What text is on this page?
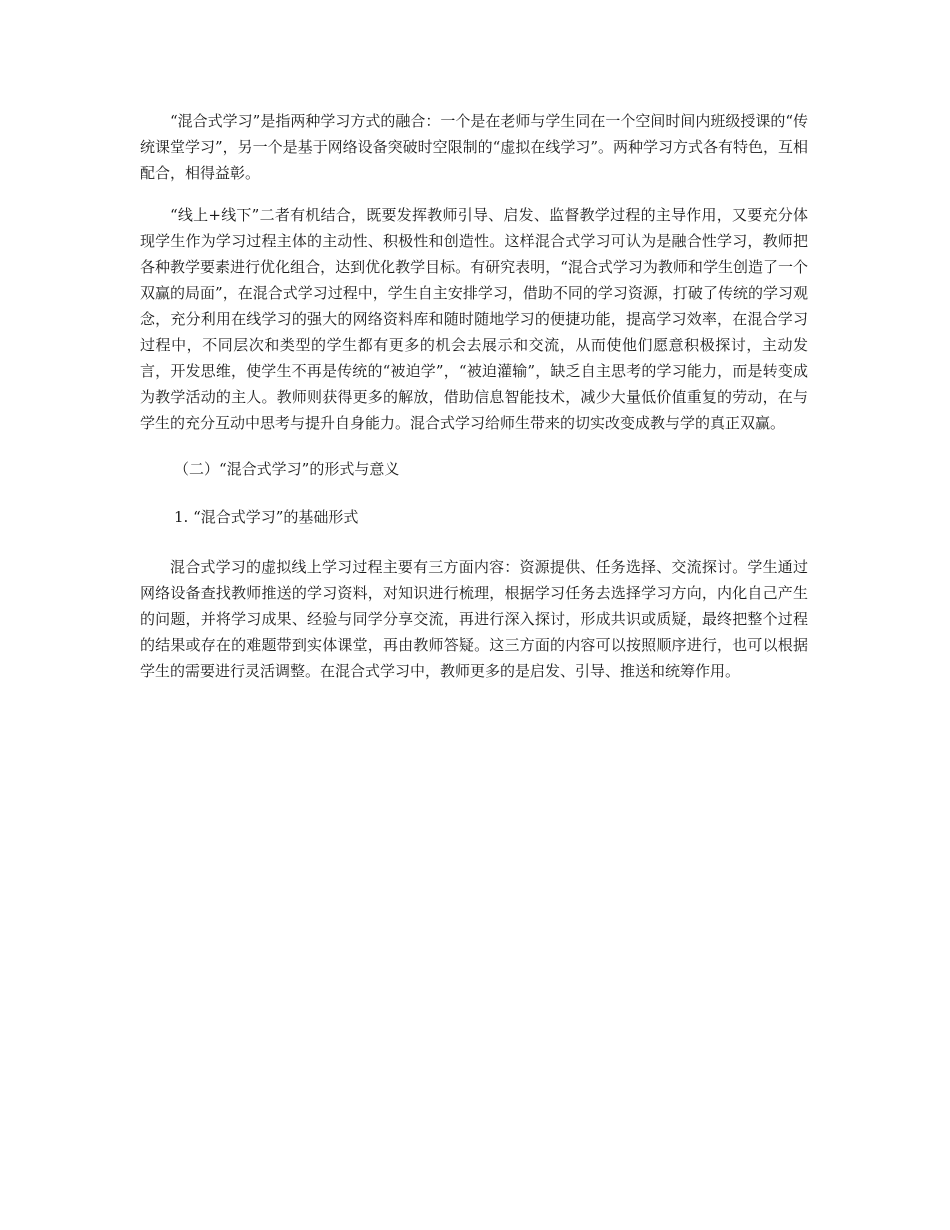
“混合式学习”是指两种学习方式的融合：一个是在老师与学生同在一个空间时间内班级授课的“传统课堂学习”，另一个是基于网络设备突破时空限制的“虚拟在线学习”。两种学习方式各有特色，互相配合，相得益彰。

“线上+线下”二者有机结合，既要发挥教师引导、启发、监督教学过程的主导作用，又要充分体现学生作为学习过程主体的主动性、积极性和创造性。这样混合式学习可认为是融合性学习，教师把各种教学要素进行优化组合，达到优化教学目标。有研究表明，“混合式学习为教师和学生创造了一个双赢的局面”，在混合式学习过程中，学生自主安排学习，借助不同的学习资源，打破了传统的学习观念，充分利用在线学习的强大的网络资料库和随时随地学习的便捷功能，提高学习效率，在混合学习过程中，不同层次和类型的学生都有更多的机会去展示和交流，从而使他们愿意积极探讨，主动发言，开发思维，使学生不再是传统的“被迫学”，“被迫灌输”，缺乏自主思考的学习能力，而是转变成为教学活动的主人。教师则获得更多的解放，借助信息智能技术，减少大量低价值重复的劳动，在与学生的充分互动中思考与提升自身能力。混合式学习给师生带来的切实改变成教与学的真正双赢。

（二）“混合式学习”的形式与意义

1. “混合式学习”的基础形式

混合式学习的虚拟线上学习过程主要有三方面内容：资源提供、任务选择、交流探讨。学生通过网络设备查找教师推送的学习资料，对知识进行梳理，根据学习任务去选择学习方向，内化自己产生的问题，并将学习成果、经验与同学分享交流，再进行深入探讨，形成共识或质疑，最终把整个过程的结果或存在的难题带到实体课堂，再由教师答疑。这三方面的内容可以按照顺序进行，也可以根据学生的需要进行灵活调整。在混合式学习中，教师更多的是启发、引导、推送和统筹作用。
